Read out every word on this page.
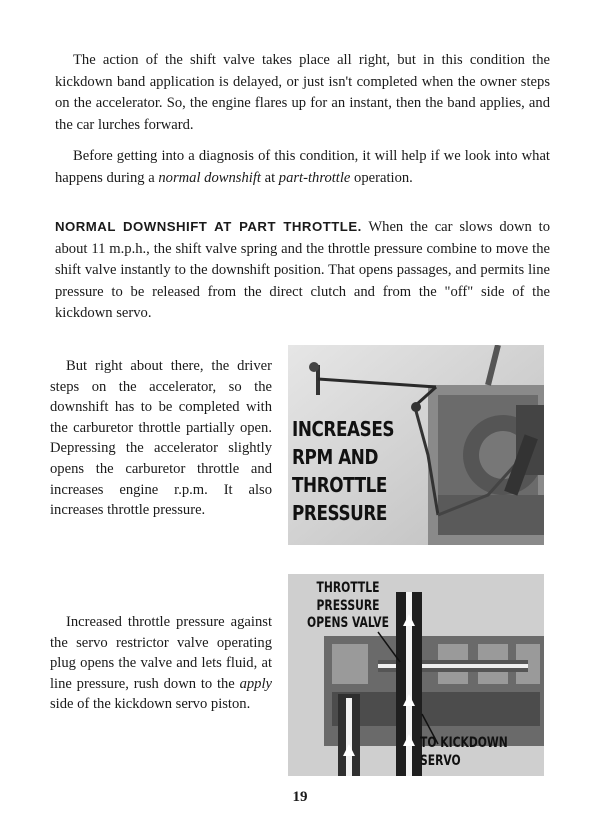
The action of the shift valve takes place all right, but in this condition the kickdown band application is delayed, or just isn't completed when the owner steps on the accelerator. So, the engine flares up for an instant, then the band applies, and the car lurches forward.

Before getting into a diagnosis of this condition, it will help if we look into what happens during a normal downshift at part-throttle operation.

NORMAL DOWNSHIFT AT PART THROTTLE. When the car slows down to about 11 m.p.h., the shift valve spring and the throttle pressure combine to move the shift valve instantly to the downshift position. That opens passages, and permits line pressure to be released from the direct clutch and from the "off" side of the kickdown servo.

But right about there, the driver steps on the accelerator, so the downshift has to be completed with the carburetor throttle partially open. Depressing the accelerator slightly opens the carburetor throttle and increases engine r.p.m. It also increases throttle pressure.

INCREASES
RPM AND
THROTTLE
PRESSURE

Increased throttle pressure against the servo restrictor valve operating plug opens the valve and lets fluid, at line pressure, rush down to the apply side of the kickdown servo piston.

THROTTLE
PRESSURE
OPENS VALVE

TO KICKDOWN
SERVO

19
